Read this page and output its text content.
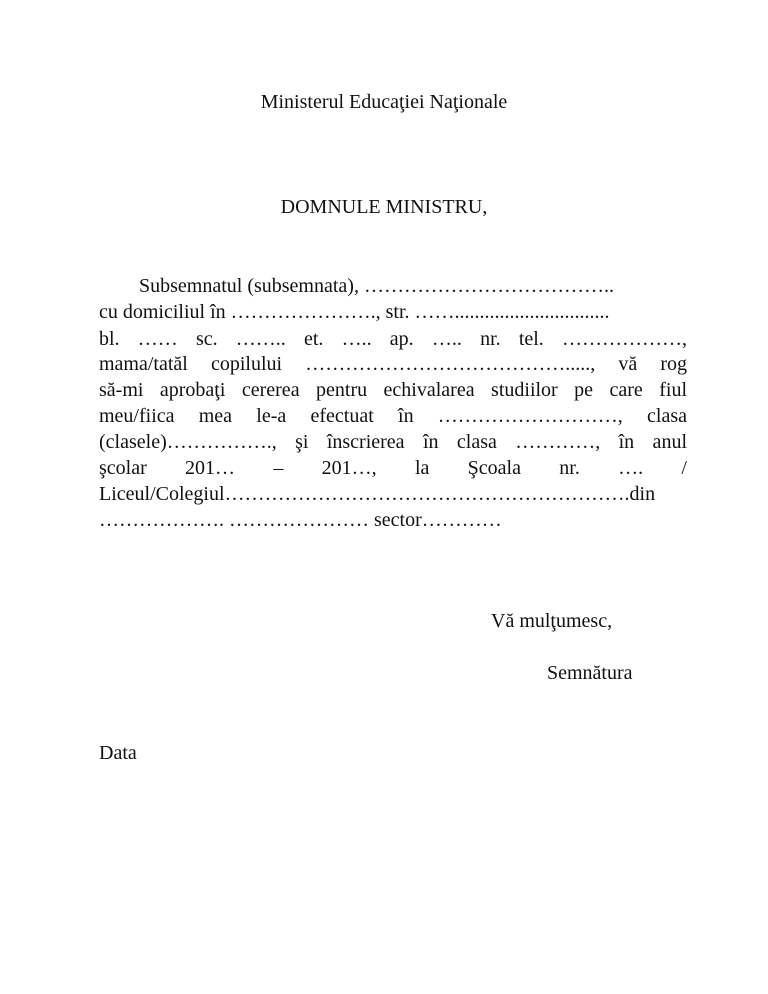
Ministerul Educaţiei Naţionale
DOMNULE MINISTRU,
Subsemnatul (subsemnata), ………………………………..
cu domiciliul în …………………., str. ……...............................
bl. …… sc. …….. et. ….. ap. ….. nr. tel. ………………,
mama/tatăl copilului …………………………………....., vă rog
să-mi aprobaţi cererea pentru echivalarea studiilor pe care fiul
meu/fiica mea le-a efectuat în ………………………, clasa
(clasele)……………., şi înscrierea în clasa …………, în anul
şcolar 201… – 201…, la Şcoala nr. …. /
Liceul/Colegiul…………………………………………………….din
………………. ………………… sector…………
Vă mulţumesc,
Semnătura
Data
